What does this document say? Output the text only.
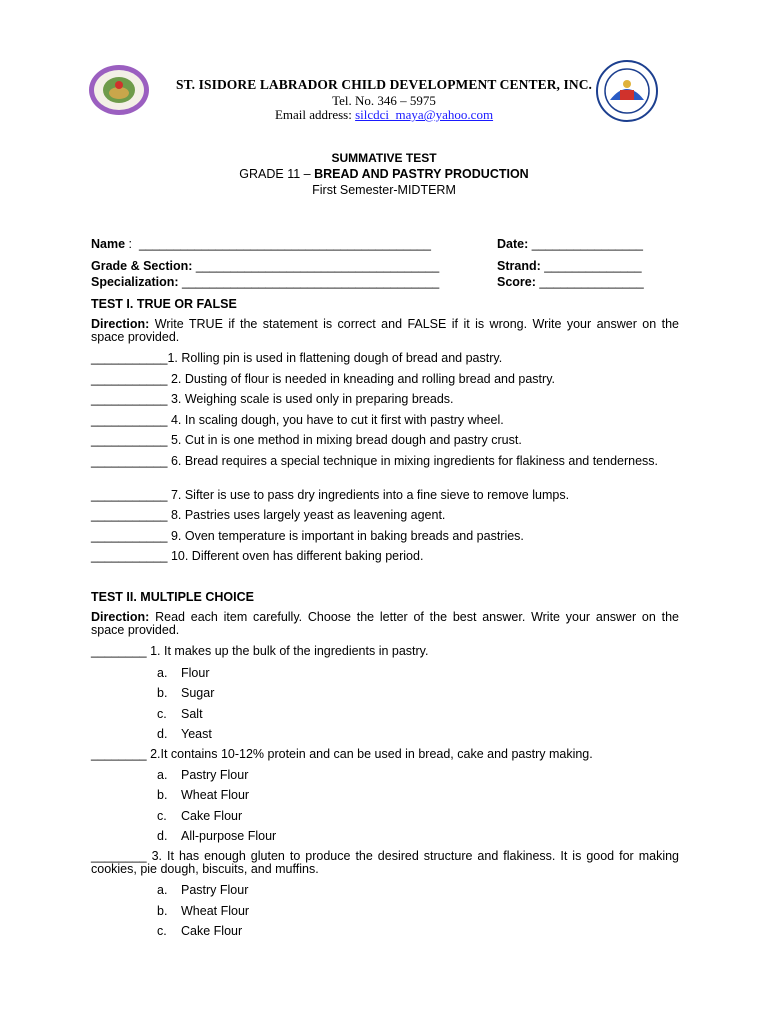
ST. ISIDORE LABRADOR CHILD DEVELOPMENT CENTER, INC.
Tel. No. 346 – 5975
Email address: silcdci_maya@yahoo.com
SUMMATIVE TEST
GRADE 11 – BREAD AND PASTRY PRODUCTION
First Semester-MIDTERM
Name :  __________________________________________	Date: ________________
Grade & Section: ___________________________________	Strand: ______________
Specialization: _____________________________________	Score: _______________
TEST I. TRUE OR FALSE
Direction: Write TRUE if the statement is correct and FALSE if it is wrong. Write your answer on the space provided.
___________1. Rolling pin is used in flattening dough of bread and pastry.
___________ 2. Dusting of flour is needed in kneading and rolling bread and pastry.
___________ 3. Weighing scale is used only in preparing breads.
___________ 4. In scaling dough, you have to cut it first with pastry wheel.
___________ 5. Cut in is one method in mixing bread dough and pastry crust.
___________ 6. Bread requires a special technique in mixing ingredients for flakiness and tenderness.
___________ 7. Sifter is use to pass dry ingredients into a fine sieve to remove lumps.
___________ 8. Pastries uses largely yeast as leavening agent.
___________ 9. Oven temperature is important in baking breads and pastries.
___________ 10. Different oven has different baking period.
TEST II. MULTIPLE CHOICE
Direction: Read each item carefully. Choose the letter of the best answer. Write your answer on the space provided.
________ 1. It makes up the bulk of the ingredients in pastry.
a. Flour
b. Sugar
c. Salt
d. Yeast
________ 2.It contains 10-12% protein and can be used in bread, cake and pastry making.
a. Pastry Flour
b. Wheat Flour
c. Cake Flour
d. All-purpose Flour
________ 3. It has enough gluten to produce the desired structure and flakiness. It is good for making cookies, pie dough, biscuits, and muffins.
a. Pastry Flour
b. Wheat Flour
c. Cake Flour
